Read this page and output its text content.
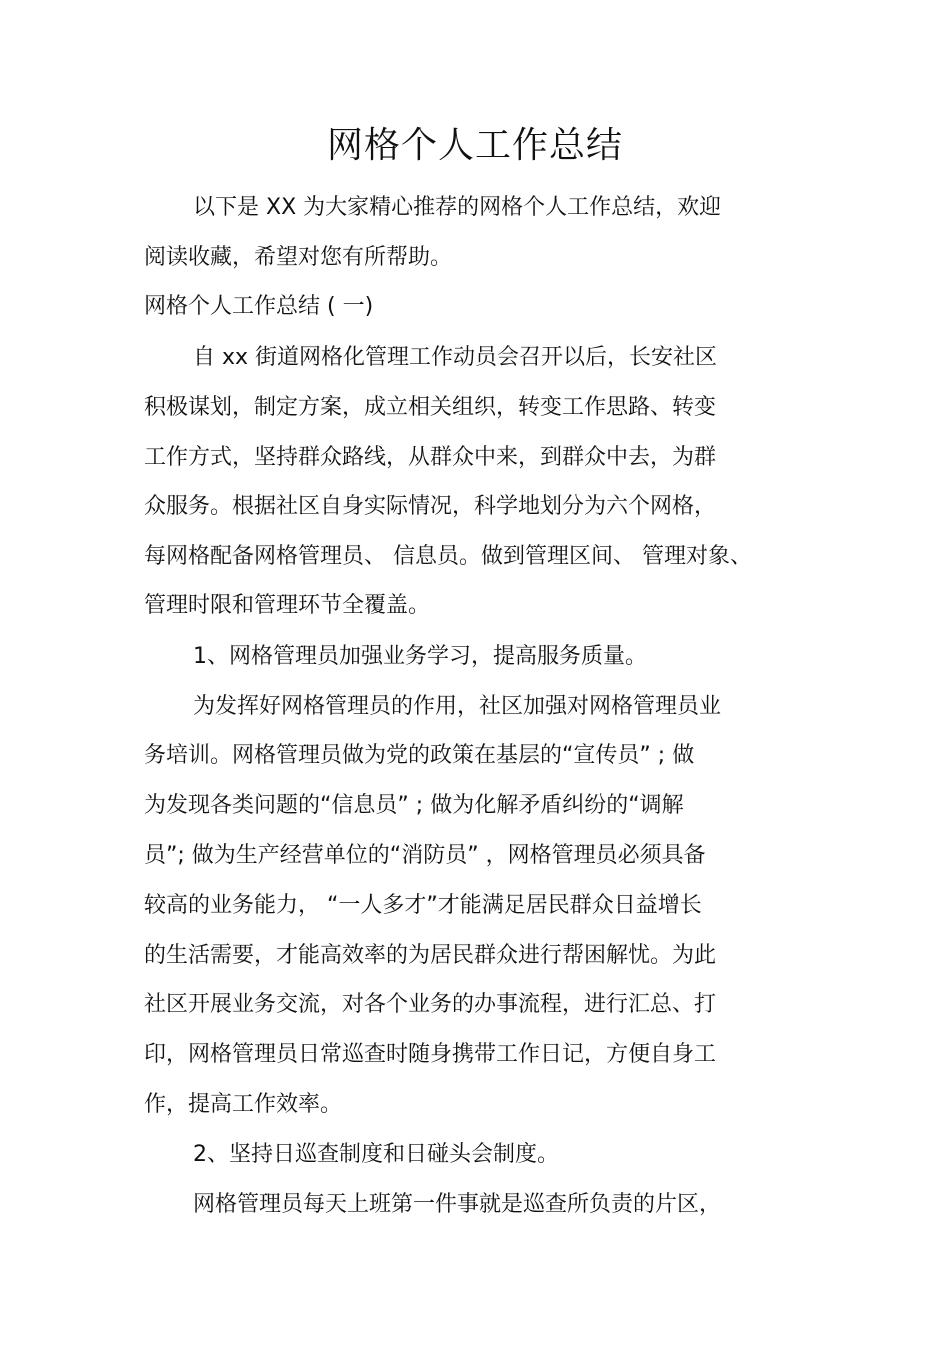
网格个人工作总结
以下是 XX 为大家精心推荐的网格个人工作总结，欢迎
阅读收藏，希望对您有所帮助。
网格个人工作总结 ( 一)
自 xx 街道网格化管理工作动员会召开以后，长安社区
积极谋划，制定方案，成立相关组织，转变工作思路、转变
工作方式，坚持群众路线，从群众中来，到群众中去，为群
众服务。根据社区自身实际情况，科学地划分为六个网格，
每网格配备网格管理员、 信息员。做到管理区间、 管理对象、
管理时限和管理环节全覆盖。
1、网格管理员加强业务学习，提高服务质量。
为发挥好网格管理员的作用，社区加强对网格管理员业
务培训。网格管理员做为党的政策在基层的“宣传员” ; 做
为发现各类问题的“信息员” ; 做为化解矛盾纠纷的“调解
员”; 做为生产经营单位的“消防员” ，网格管理员必须具备
较高的业务能力， “一人多才”才能满足居民群众日益增长
的生活需要，才能高效率的为居民群众进行帮困解忧。为此
社区开展业务交流，对各个业务的办事流程，进行汇总、打
印，网格管理员日常巡查时随身携带工作日记，方便自身工
作，提高工作效率。
2、坚持日巡查制度和日碰头会制度。
网格管理员每天上班第一件事就是巡查所负责的片区，
